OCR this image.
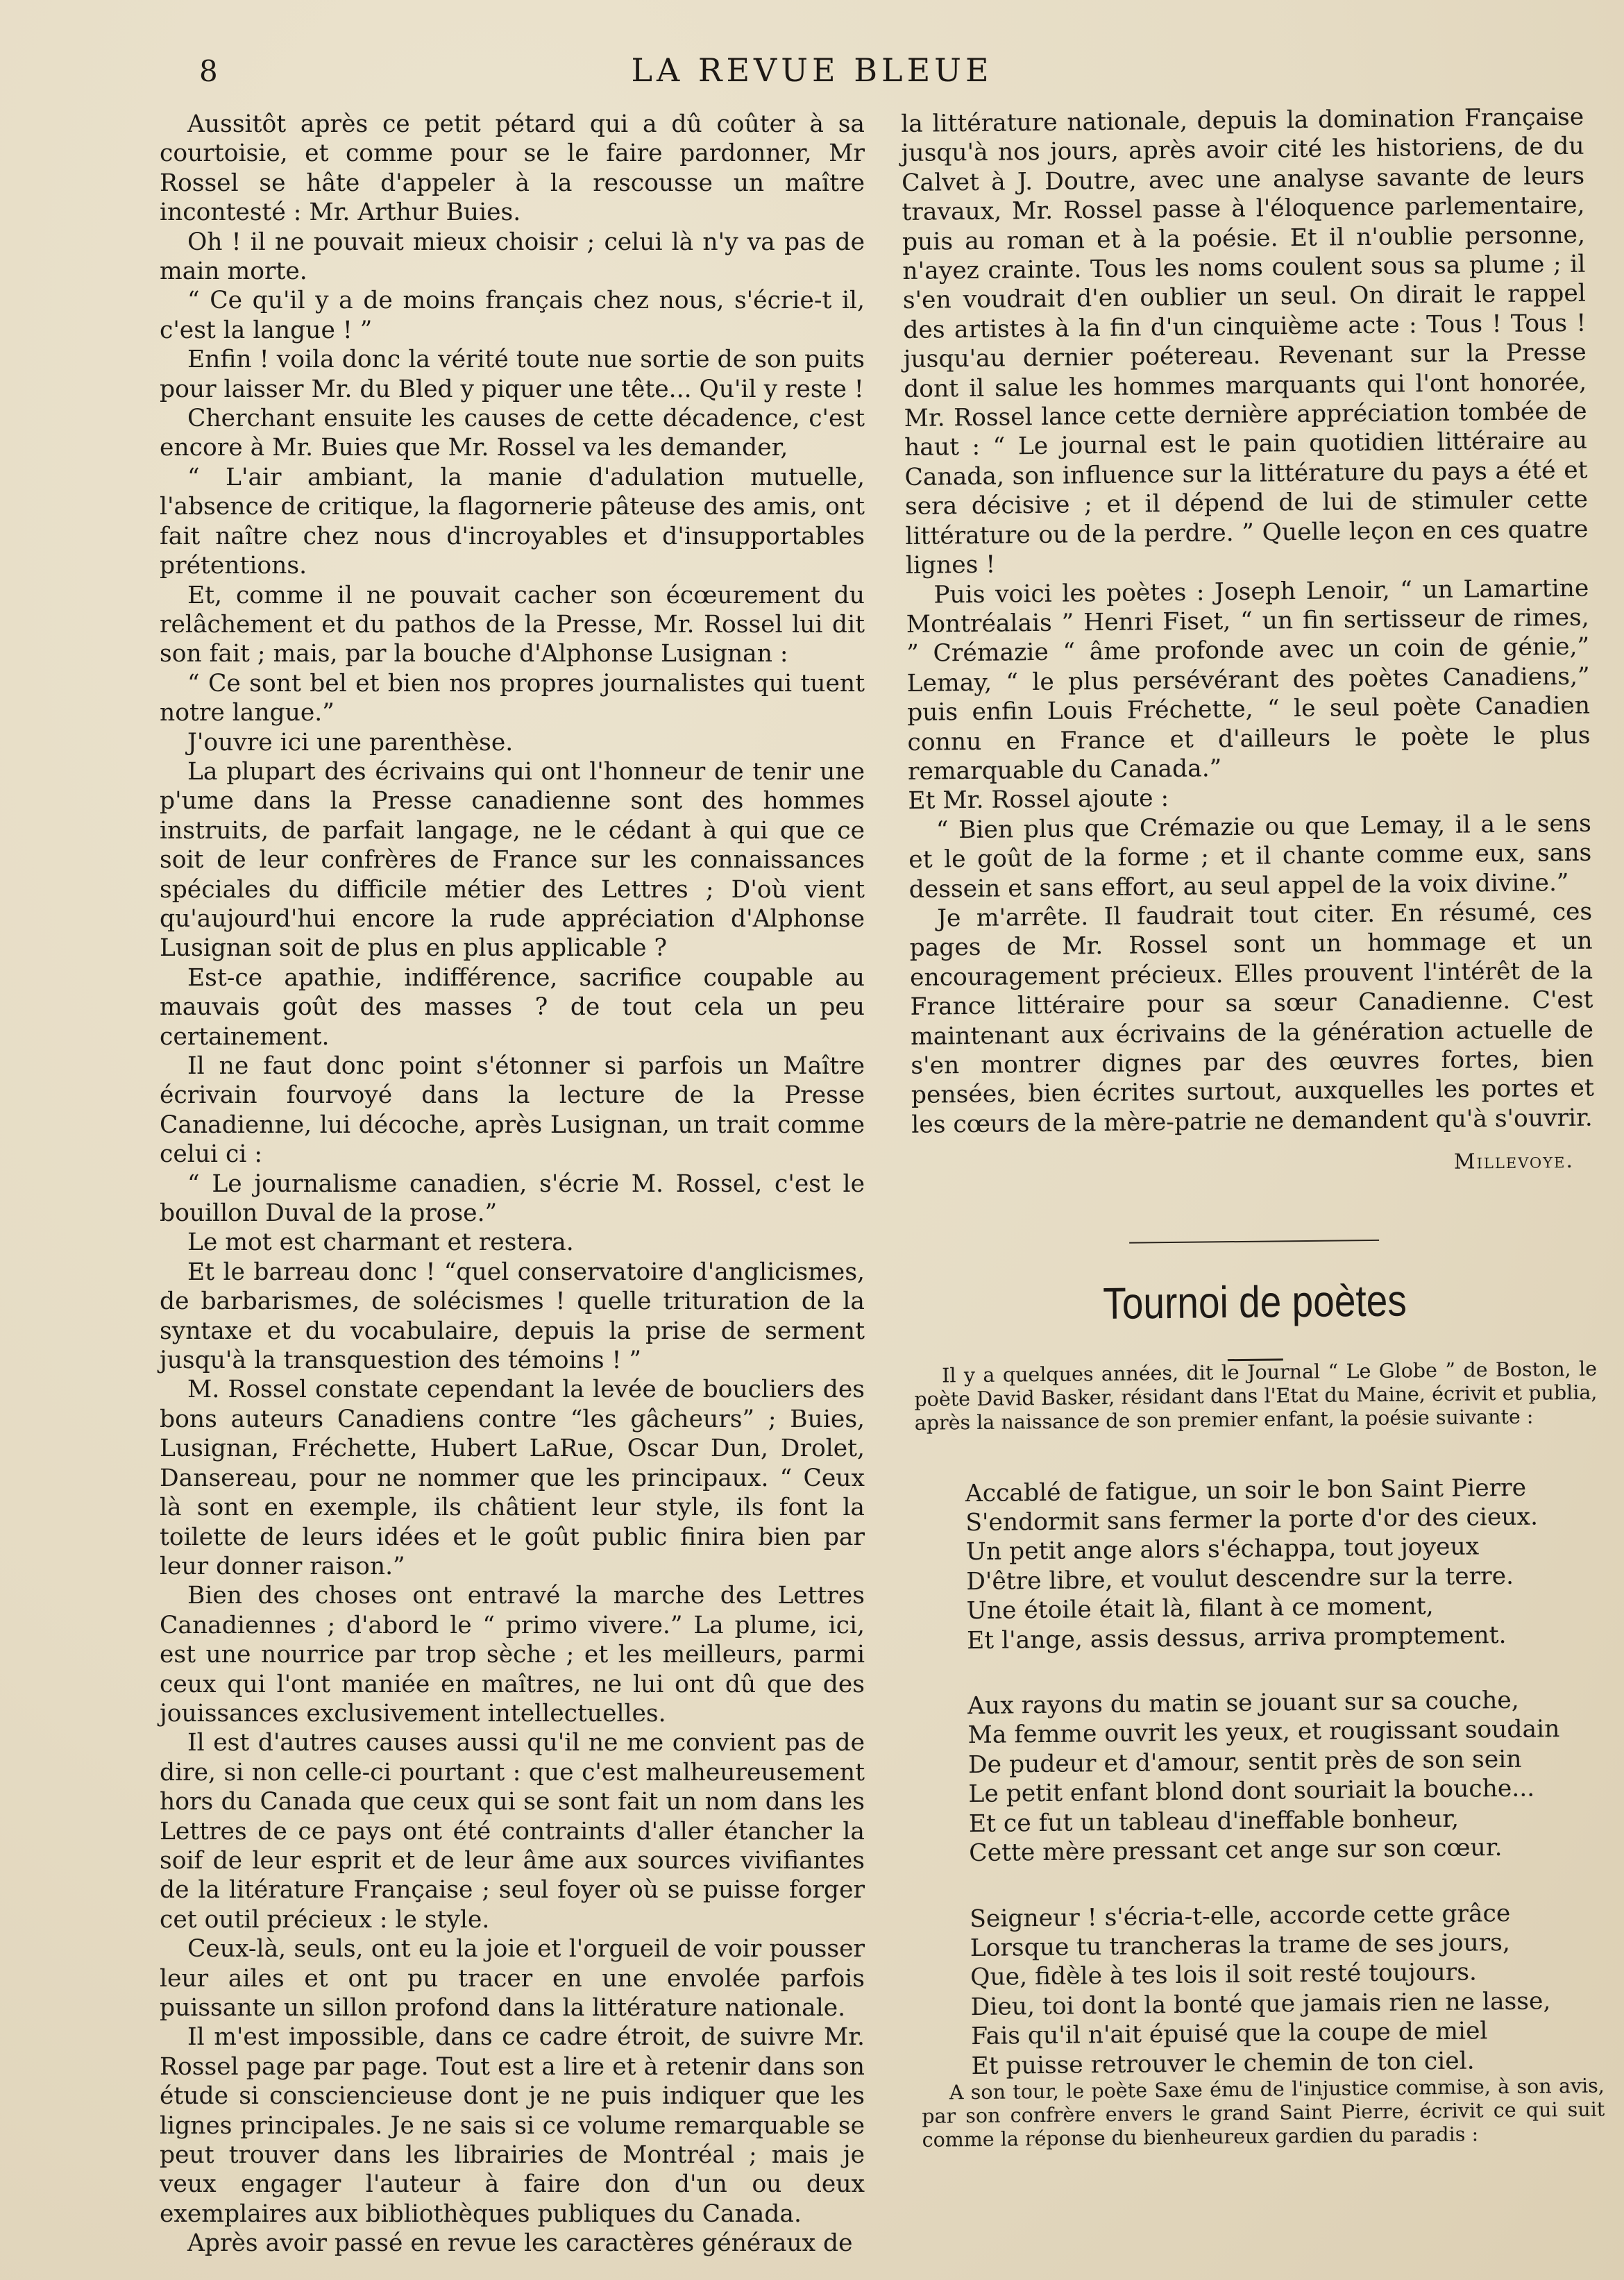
8	LA REVUE BLEUE

Aussitôt après ce petit pétard qui a dû coûter à sa courtoisie, et comme pour se le faire pardonner, Mr Rossel se hâte d'appeler à la rescousse un maître incontesté : Mr. Arthur Buies.

Oh ! il ne pouvait mieux choisir ; celui là n'y va pas de main morte.

“ Ce qu'il y a de moins français chez nous, s'écrie-t il, c'est la langue ! ”

Enfin ! voila donc la vérité toute nue sortie de son puits pour laisser Mr. du Bled y piquer une tête... Qu'il y reste !

Cherchant ensuite les causes de cette décadence, c'est encore à Mr. Buies que Mr. Rossel va les demander,

“ L'air ambiant, la manie d'adulation mutuelle, l'absence de critique, la flagornerie pâteuse des amis, ont fait naître chez nous d'incroyables et d'insupportables prétentions.

Et, comme il ne pouvait cacher son écœurement du relâchement et du pathos de la Presse, Mr. Rossel lui dit son fait ; mais, par la bouche d'Alphonse Lusignan :

“ Ce sont bel et bien nos propres journalistes qui tuent notre langue.”

J'ouvre ici une parenthèse.

La plupart des écrivains qui ont l'honneur de tenir une p'ume dans la Presse canadienne sont des hommes instruits, de parfait langage, ne le cédant à qui que ce soit de leur confrères de France sur les connaissances spéciales du difficile métier des Lettres ; D'où vient qu'aujourd'hui encore la rude appréciation d'Alphonse Lusignan soit de plus en plus applicable ?

Est-ce apathie, indifférence, sacrifice coupable au mauvais goût des masses ? de tout cela un peu certainement.

Il ne faut donc point s'étonner si parfois un Maître écrivain fourvoyé dans la lecture de la Presse Canadienne, lui décoche, après Lusignan, un trait comme celui ci :

“ Le journalisme canadien, s'écrie M. Rossel, c'est le bouillon Duval de la prose.”

Le mot est charmant et restera.

Et le barreau donc ! “quel conservatoire d'anglicismes, de barbarismes, de solécismes ! quelle trituration de la syntaxe et du vocabulaire, depuis la prise de serment jusqu'à la transquestion des témoins ! ”

M. Rossel constate cependant la levée de boucliers des bons auteurs Canadiens contre “les gâcheurs” ; Buies, Lusignan, Fréchette, Hubert LaRue, Oscar Dun, Drolet, Dansereau, pour ne nommer que les principaux. “ Ceux là sont en exemple, ils châtient leur style, ils font la toilette de leurs idées et le goût public finira bien par leur donner raison.”

Bien des choses ont entravé la marche des Lettres Canadiennes ; d'abord le “ primo vivere.” La plume, ici, est une nourrice par trop sèche ; et les meilleurs, parmi ceux qui l'ont maniée en maîtres, ne lui ont dû que des jouissances exclusivement intellectuelles.

Il est d'autres causes aussi qu'il ne me convient pas de dire, si non celle-ci pourtant : que c'est malheureusement hors du Canada que ceux qui se sont fait un nom dans les Lettres de ce pays ont été contraints d'aller étancher la soif de leur esprit et de leur âme aux sources vivifiantes de la litérature Française ; seul foyer où se puisse forger cet outil précieux : le style.

Ceux-là, seuls, ont eu la joie et l'orgueil de voir pousser leur ailes et ont pu tracer en une envolée parfois puissante un sillon profond dans la littérature nationale.

Il m'est impossible, dans ce cadre étroit, de suivre Mr. Rossel page par page. Tout est a lire et à retenir dans son étude si consciencieuse dont je ne puis indiquer que les lignes principales. Je ne sais si ce volume remarquable se peut trouver dans les librairies de Montréal ; mais je veux engager l'auteur à faire don d'un ou deux exemplaires aux bibliothèques publiques du Canada.

Après avoir passé en revue les caractères généraux de

la littérature nationale, depuis la domination Française jusqu'à nos jours, après avoir cité les historiens, de du Calvet à J. Doutre, avec une analyse savante de leurs travaux, Mr. Rossel passe à l'éloquence parlementaire, puis au roman et à la poésie. Et il n'oublie personne, n'ayez crainte. Tous les noms coulent sous sa plume ; il s'en voudrait d'en oublier un seul. On dirait le rappel des artistes à la fin d'un cinquième acte : Tous ! Tous ! jusqu'au dernier poétereau. Revenant sur la Presse dont il salue les hommes marquants qui l'ont honorée, Mr. Rossel lance cette dernière appréciation tombée de haut : “ Le journal est le pain quotidien littéraire au Canada, son influence sur la littérature du pays a été et sera décisive ; et il dépend de lui de stimuler cette littérature ou de la perdre. ” Quelle leçon en ces quatre lignes !

Puis voici les poètes : Joseph Lenoir, “ un Lamartine Montréalais ” Henri Fiset, “ un fin sertisseur de rimes, ” Crémazie “ âme profonde avec un coin de génie,” Lemay, “ le plus persévérant des poètes Canadiens,” puis enfin Louis Fréchette, “ le seul poète Canadien connu en France et d'ailleurs le poète le plus remarquable du Canada.”

Et Mr. Rossel ajoute :

“ Bien plus que Crémazie ou que Lemay, il a le sens et le goût de la forme ; et il chante comme eux, sans dessein et sans effort, au seul appel de la voix divine.”

Je m'arrête. Il faudrait tout citer. En résumé, ces pages de Mr. Rossel sont un hommage et un encouragement précieux. Elles prouvent l'intérêt de la France littéraire pour sa sœur Canadienne. C'est maintenant aux écrivains de la génération actuelle de s'en montrer dignes par des œuvres fortes, bien pensées, bien écrites surtout, auxquelles les portes et les cœurs de la mère-patrie ne demandent qu'à s'ouvrir.

Millevoye.
Tournoi de poètes

Il y a quelques années, dit le Journal “ Le Globe ” de Boston, le poète David Basker, résidant dans l'Etat du Maine, écrivit et publia, après la naissance de son premier enfant, la poésie suivante :

Accablé de fatigue, un soir le bon Saint Pierre
S'endormit sans fermer la porte d'or des cieux.
Un petit ange alors s'échappa, tout joyeux
D'être libre, et voulut descendre sur la terre.
Une étoile était là, filant à ce moment,
Et l'ange, assis dessus, arriva promptement.
Aux rayons du matin se jouant sur sa couche,
Ma femme ouvrit les yeux, et rougissant soudain
De pudeur et d'amour, sentit près de son sein
Le petit enfant blond dont souriait la bouche...
Et ce fut un tableau d'ineffable bonheur,
Cette mère pressant cet ange sur son cœur.
Seigneur ! s'écria-t-elle, accorde cette grâce
Lorsque tu trancheras la trame de ses jours,
Que, fidèle à tes lois il soit resté toujours.
Dieu, toi dont la bonté que jamais rien ne lasse,
Fais qu'il n'ait épuisé que la coupe de miel
Et puisse retrouver le chemin de ton ciel.

A son tour, le poète Saxe ému de l'injustice commise, à son avis, par son confrère envers le grand Saint Pierre, écrivit ce qui suit comme la réponse du bienheureux gardien du paradis :
